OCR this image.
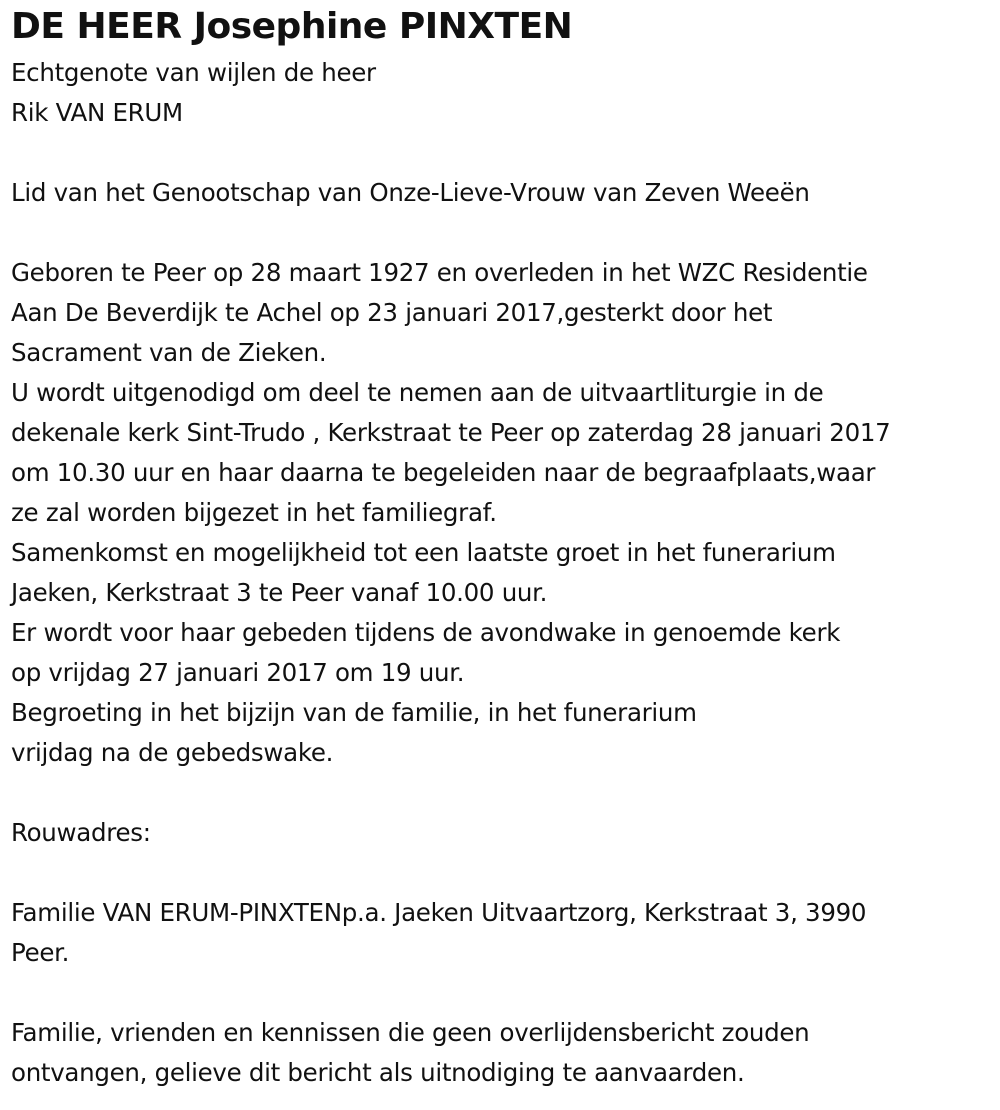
DE HEER Josephine PINXTEN

Echtgenote van wijlen de heer

Rik VAN ERUM

Lid van het Genootschap van Onze-Lieve-Vrouw van Zeven Weeën

Geboren te Peer op 28 maart 1927 en overleden in het WZC Residentie

Aan De Beverdijk te Achel op 23 januari 2017,gesterkt door het

Sacrament van de Zieken.

U wordt uitgenodigd om deel te nemen aan de uitvaartliturgie in de

dekenale kerk Sint-Trudo , Kerkstraat te Peer op zaterdag 28 januari 2017

om 10.30 uur en haar daarna te begeleiden naar de begraafplaats,waar

ze zal worden bijgezet in het familiegraf.

Samenkomst en mogelijkheid tot een laatste groet in het funerarium

Jaeken, Kerkstraat 3 te Peer vanaf 10.00 uur.

Er wordt voor haar gebeden tijdens de avondwake in genoemde kerk

op vrijdag 27 januari 2017 om 19 uur.

Begroeting in het bijzijn van de familie, in het funerarium

vrijdag na de gebedswake.

Rouwadres:

Familie VAN ERUM-PINXTENp.a. Jaeken Uitvaartzorg, Kerkstraat 3, 3990

Peer.

Familie, vrienden en kennissen die geen overlijdensbericht zouden

ontvangen, gelieve dit bericht als uitnodiging te aanvaarden.
